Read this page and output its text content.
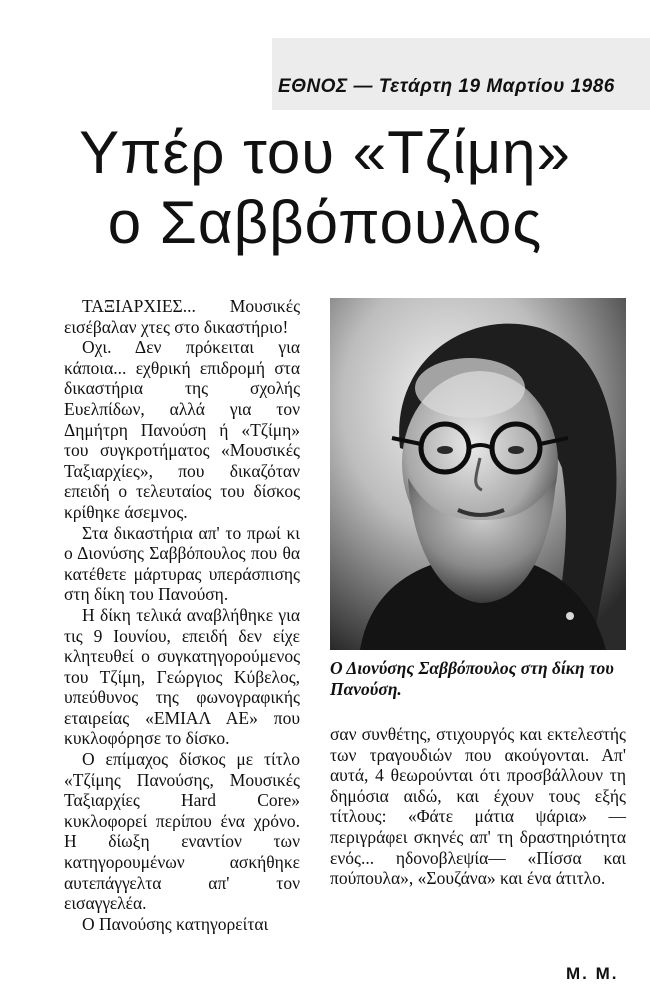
ΕΘΝΟΣ — Τετάρτη 19 Μαρτίου 1986
Υπέρ του «Τζίμη»
ο Σαββόπουλος

ΤΑΞΙΑΡΧΙΕΣ... Μουσικές εισέβαλαν χτες στο δικαστήριο!

Οχι. Δεν πρόκειται για κάποια... εχθρική επιδρομή στα δικαστήρια της σχολής Ευελπίδων, αλλά για τον Δημήτρη Πανούση ή «Τζίμη» του συγκροτήματος «Μουσικές Ταξιαρχίες», που δικαζόταν επειδή ο τελευταίος του δίσκος κρίθηκε άσεμνος.

Στα δικαστήρια απ' το πρωί κι ο Διονύσης Σαββόπουλος που θα κατέθετε μάρτυρας υπεράσπισης στη δίκη του Πανούση.

Η δίκη τελικά αναβλήθηκε για τις 9 Ιουνίου, επειδή δεν είχε κλητευθεί ο συγκατηγορούμενος του Τζίμη, Γεώργιος Κύβελος, υπεύθυνος της φωνογραφικής εταιρείας «ΕΜΙΑΛ ΑΕ» που κυκλοφόρησε το δίσκο.

Ο επίμαχος δίσκος με τίτλο «Τζίμης Πανούσης, Μουσικές Ταξιαρχίες Hard Core» κυκλοφορεί περίπου ένα χρόνο. Η δίωξη εναντίον των κατηγορουμένων ασκήθηκε αυτεπάγγελτα απ' τον εισαγγελέα.

Ο Πανούσης κατηγορείται

Ο Διονύσης Σαββόπουλος στη δίκη του Πανούση.

σαν συνθέτης, στιχουργός και εκτελεστής των τραγουδιών που ακούγονται. Απ' αυτά, 4 θεωρούνται ότι προσβάλλουν τη δημόσια αιδώ, και έχουν τους εξής τίτλους: «Φάτε μάτια ψάρια» —περιγράφει σκηνές απ' τη δραστηριότητα ενός... ηδονοβλεψία— «Πίσσα και πούπουλα», «Σουζάνα» και ένα άτιτλο.

Μ. Μ.
